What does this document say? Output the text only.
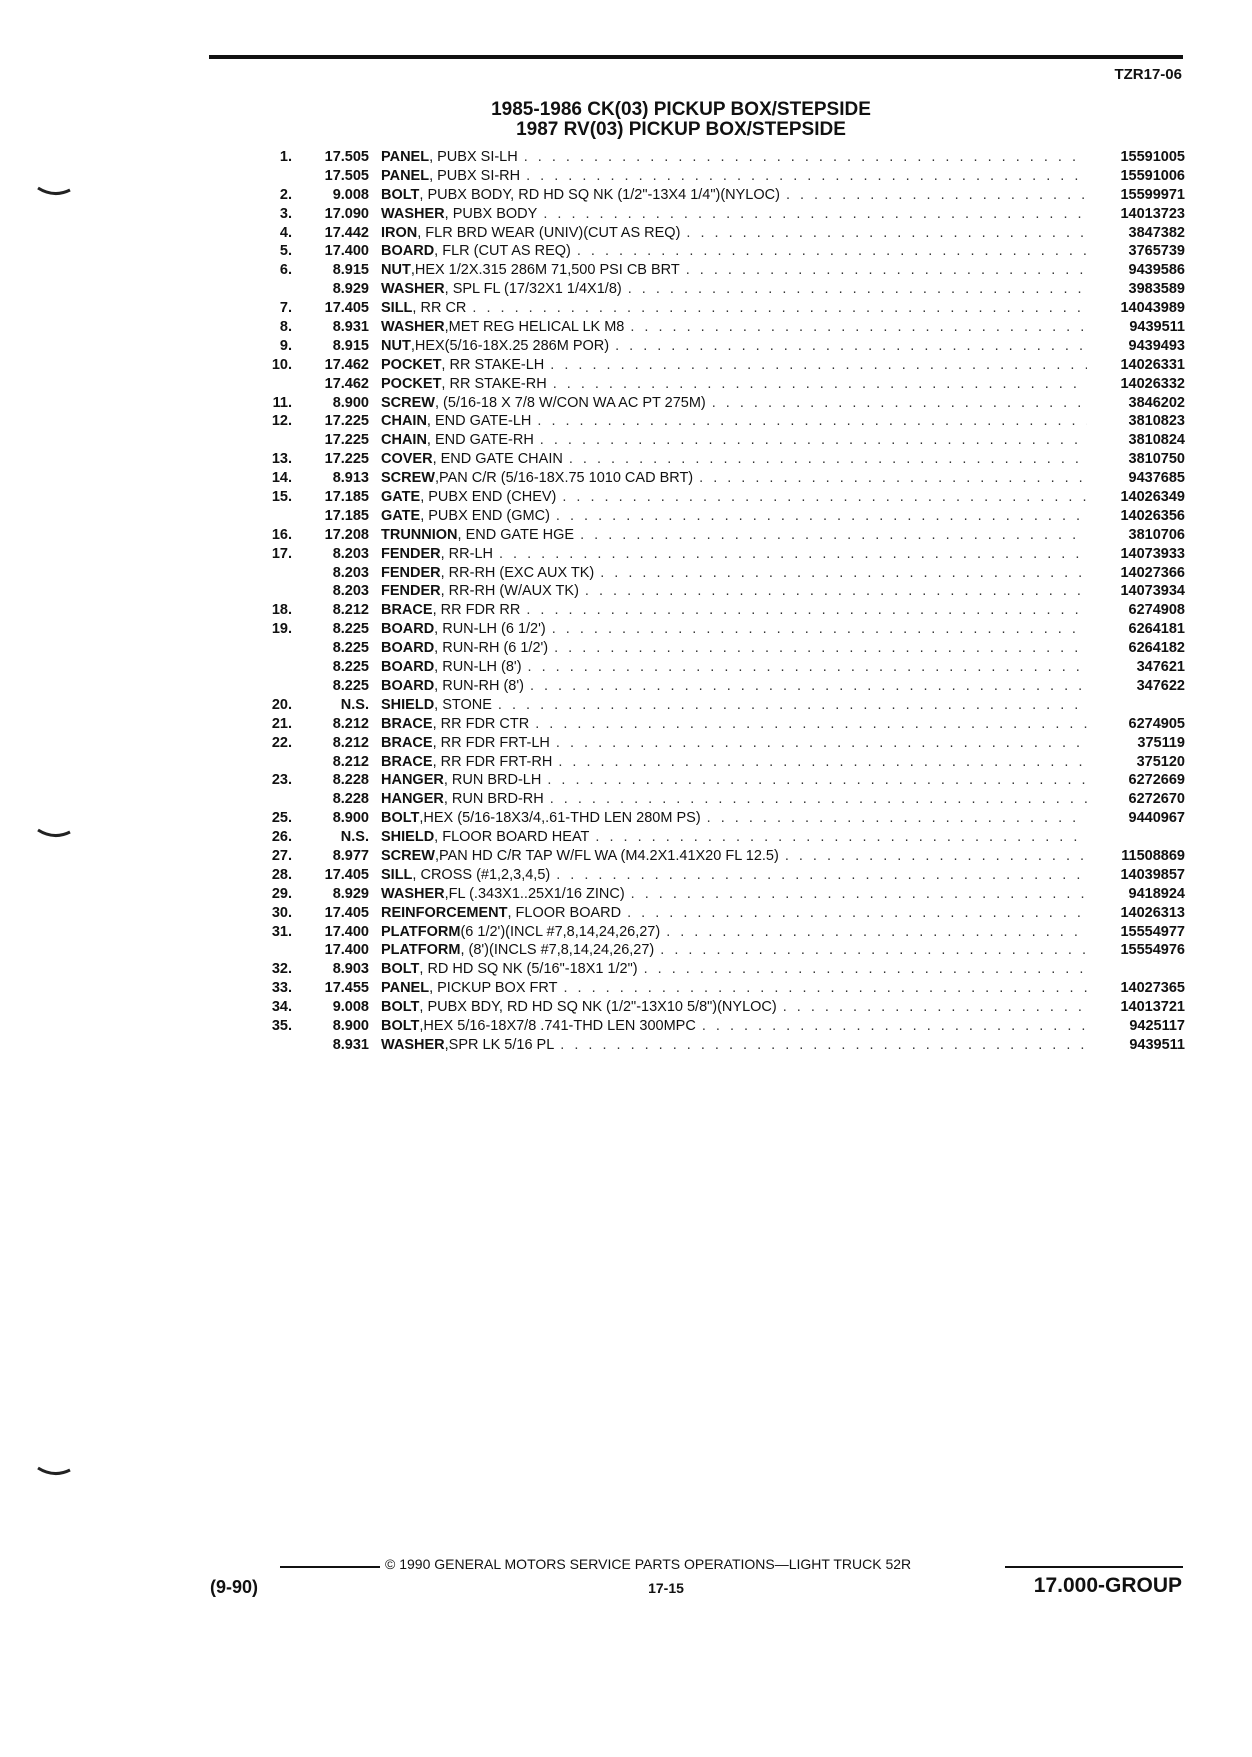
TZR17-06
1985-1986 CK(03) PICKUP BOX/STEPSIDE
1987 RV(03) PICKUP BOX/STEPSIDE
1.	17.505 PANEL , PUBX SI-LH . . .	15591005
17.505 PANEL , PUBX SI-RH . . .	15591006
2.	9.008 BOLT , PUBX BODY, RD HD SQ NK (1/2"-13X4 1/4")(NYLOC) . . .	15599971
3.	17.090 WASHER , PUBX BODY . . .	14013723
4.	17.442 IRON , FLR BRD WEAR (UNIV)(CUT AS REQ) . . .	3847382
5.	17.400 BOARD , FLR (CUT AS REQ) . . .	3765739
6.	8.915 NUT ,HEX 1/2X.315 286M 71,500 PSI CB BRT . . .	9439586
8.929 WASHER , SPL FL (17/32X1 1/4X1/8) . . .	3983589
7.	17.405 SILL , RR CR . . .	14043989
8.	8.931 WASHER ,MET REG HELICAL LK M8 . . .	9439511
9.	8.915 NUT ,HEX(5/16-18X.25 286M POR) . . .	9439493
10.	17.462 POCKET , RR STAKE-LH . . .	14026331
17.462 POCKET , RR STAKE-RH . . .	14026332
11.	8.900 SCREW , (5/16-18 X 7/8 W/CON WA AC PT 275M) . . .	3846202
12.	17.225 CHAIN , END GATE-LH . . .	3810823
17.225 CHAIN , END GATE-RH . . .	3810824
13.	17.225 COVER , END GATE CHAIN . . .	3810750
14.	8.913 SCREW ,PAN C/R (5/16-18X.75 1010 CAD BRT) . . .	9437685
15.	17.185 GATE , PUBX END (CHEV) . . .	14026349
17.185 GATE , PUBX END (GMC) . . .	14026356
16.	17.208 TRUNNION , END GATE HGE . . .	3810706
17.	8.203 FENDER , RR-LH . . .	14073933
8.203 FENDER , RR-RH (EXC AUX TK) . . .	14027366
8.203 FENDER , RR-RH (W/AUX TK) . . .	14073934
18.	8.212 BRACE , RR FDR RR . . .	6274908
19.	8.225 BOARD , RUN-LH (6 1/2') . . .	6264181
8.225 BOARD , RUN-RH (6 1/2') . . .	6264182
8.225 BOARD , RUN-LH (8') . . .	347621
8.225 BOARD , RUN-RH (8') . . .	347622
20.	N.S. SHIELD , STONE
. . .
21.	8.212 BRACE , RR FDR CTR . . .	6274905
22.	8.212 BRACE , RR FDR FRT-LH . . .	375119
8.212 BRACE , RR FDR FRT-RH . . .	375120
23.	8.228 HANGER , RUN BRD-LH . . .	6272669
8.228 HANGER , RUN BRD-RH . . .	6272670
25.	8.900 BOLT ,HEX (5/16-18X3/4,.61-THD LEN 280M PS) . . .	9440967
26.	N.S. SHIELD , FLOOR BOARD HEAT
. . .
27.	8.977 SCREW ,PAN HD C/R TAP W/FL WA (M4.2X1.41X20 FL 12.5) . . .	11508869
28.	17.405 SILL , CROSS (#1,2,3,4,5) . . .	14039857
29.	8.929 WASHER ,FL (.343X1..25X1/16 ZINC) . . .	9418924
30.	17.405 REINFORCEMENT , FLOOR BOARD . . .	14026313
31.	17.400 PLATFORM (6 1/2')(INCL #7,8,14,24,26,27) . . .	15554977
17.400 PLATFORM , (8')(INCLS #7,8,14,24,26,27) . . .	15554976
32.	8.903 BOLT , RD HD SQ NK (5/16"-18X1 1/2")
. . .
33.	17.455 PANEL , PICKUP BOX FRT . . .	14027365
34.	9.008 BOLT , PUBX BDY, RD HD SQ NK (1/2"-13X10 5/8")(NYLOC) . . .	14013721
35.	8.900 BOLT ,HEX 5/16-18X7/8 .741-THD LEN 300MPC . . .	9425117
8.931 WASHER ,SPR LK 5/16 PL . . .	9439511
© 1990 GENERAL MOTORS SERVICE PARTS OPERATIONS—LIGHT TRUCK 52R
(9-90)	17-15	17.000-GROUP
